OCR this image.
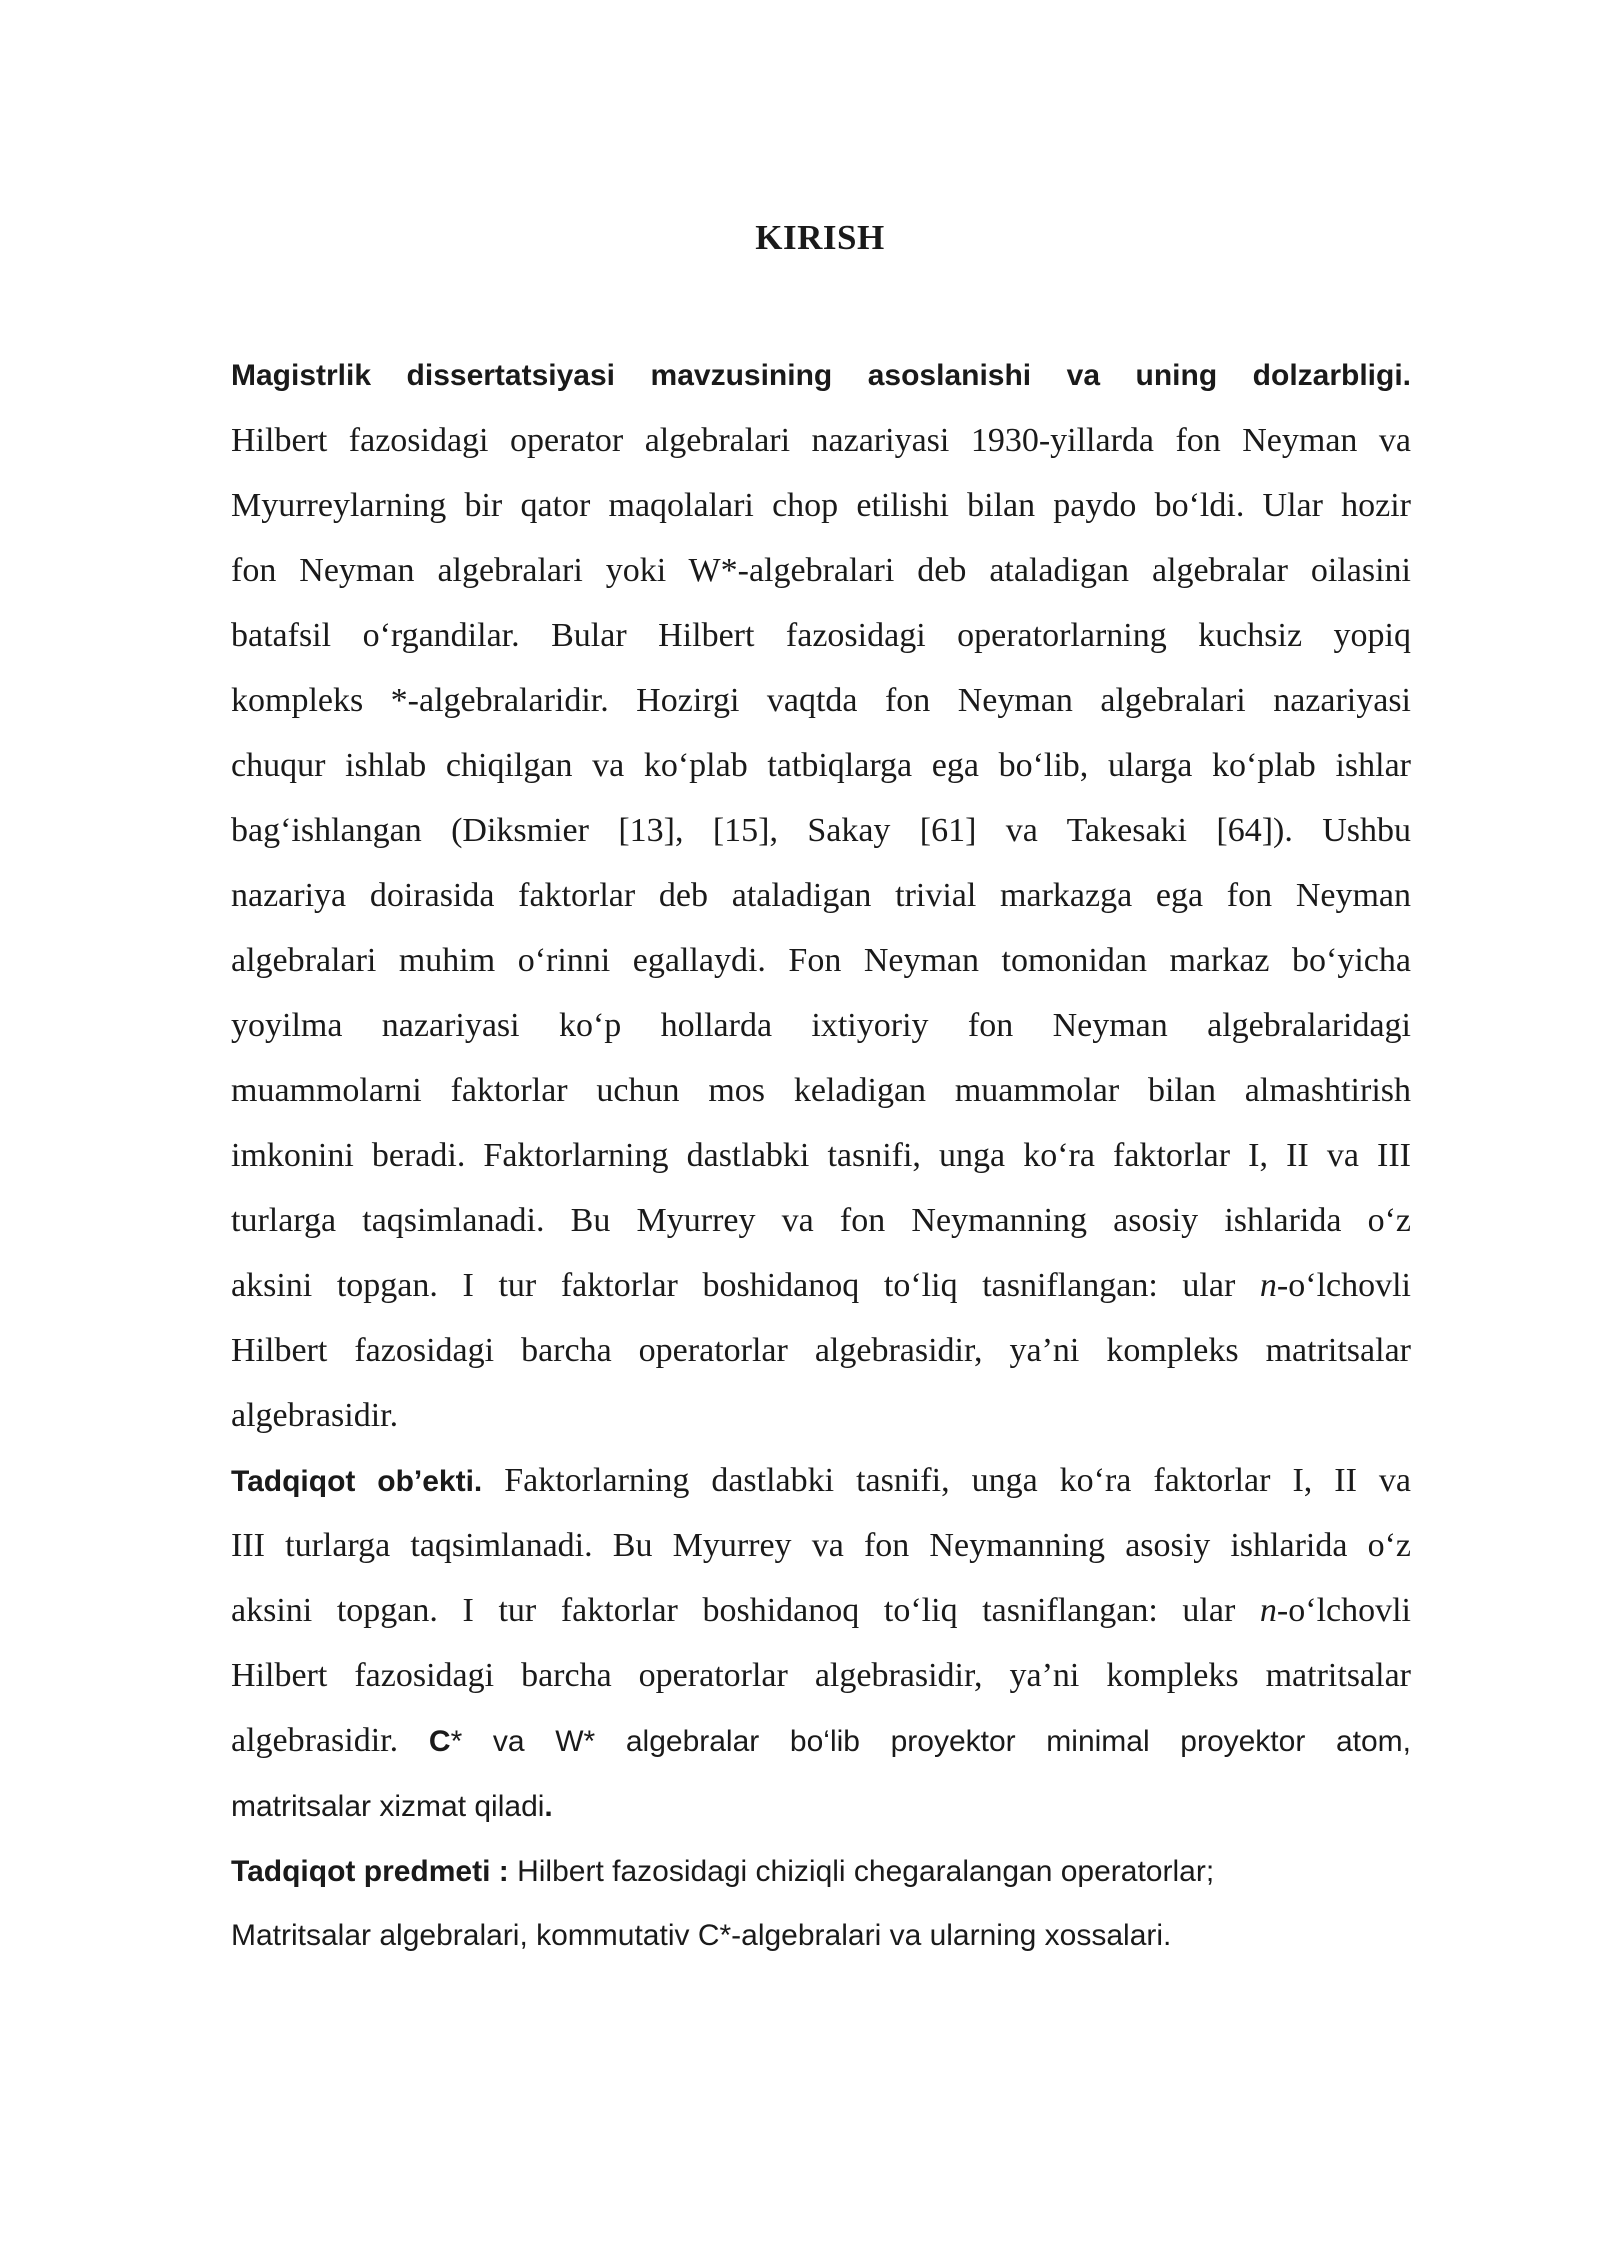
KIRISH
Magistrlik dissertatsiyasi mavzusining asoslanishi va uning dolzarbligi.
Hilbert fazosidagi operator algebralari nazariyasi 1930-yillarda fon Neyman va
Myurreylarning bir qator maqolalari chop etilishi bilan paydo bo‘ldi. Ular hozir
fon Neyman algebralari yoki W*-algebralari deb ataladigan algebralar oilasini
batafsil o‘rgandilar. Bular Hilbert fazosidagi operatorlarning kuchsiz yopiq
kompleks *-algebralaridir. Hozirgi vaqtda fon Neyman algebralari nazariyasi
chuqur ishlab chiqilgan va ko‘plab tatbiqlarga ega bo‘lib, ularga ko‘plab ishlar
bag‘ishlangan (Diksmier [13], [15], Sakay [61] va Takesaki [64]). Ushbu
nazariya doirasida faktorlar deb ataladigan trivial markazga ega fon Neyman
algebralari muhim o‘rinni egallaydi. Fon Neyman tomonidan markaz bo‘yicha
yoyilma nazariyasi ko‘p hollarda ixtiyoriy fon Neyman algebralaridagi
muammolarni faktorlar uchun mos keladigan muammolar bilan almashtirish
imkonini beradi. Faktorlarning dastlabki tasnifi, unga ko‘ra faktorlar I, II va III
turlarga taqsimlanadi. Bu Myurrey va fon Neymanning asosiy ishlarida o‘z
aksini topgan. I tur faktorlar boshidanoq to‘liq tasniflangan: ular n-o‘lchovli
Hilbert fazosidagi barcha operatorlar algebrasidir, ya’ni kompleks matritsalar
algebrasidir.
Tadqiqot ob’ekti. Faktorlarning dastlabki tasnifi, unga ko‘ra faktorlar I, II va
III turlarga taqsimlanadi. Bu Myurrey va fon Neymanning asosiy ishlarida o‘z
aksini topgan. I tur faktorlar boshidanoq to‘liq tasniflangan: ular n-o‘lchovli
Hilbert fazosidagi barcha operatorlar algebrasidir, ya’ni kompleks matritsalar
algebrasidir. C* va W* algebralar bo‘lib proyektor minimal proyektor atom,
matritsalar xizmat qiladi.
Tadqiqot predmeti : Hilbert fazosidagi chiziqli chegaralangan operatorlar;
Matritsalar algebralari, kommutativ C*-algebralari va ularning xossalari.
